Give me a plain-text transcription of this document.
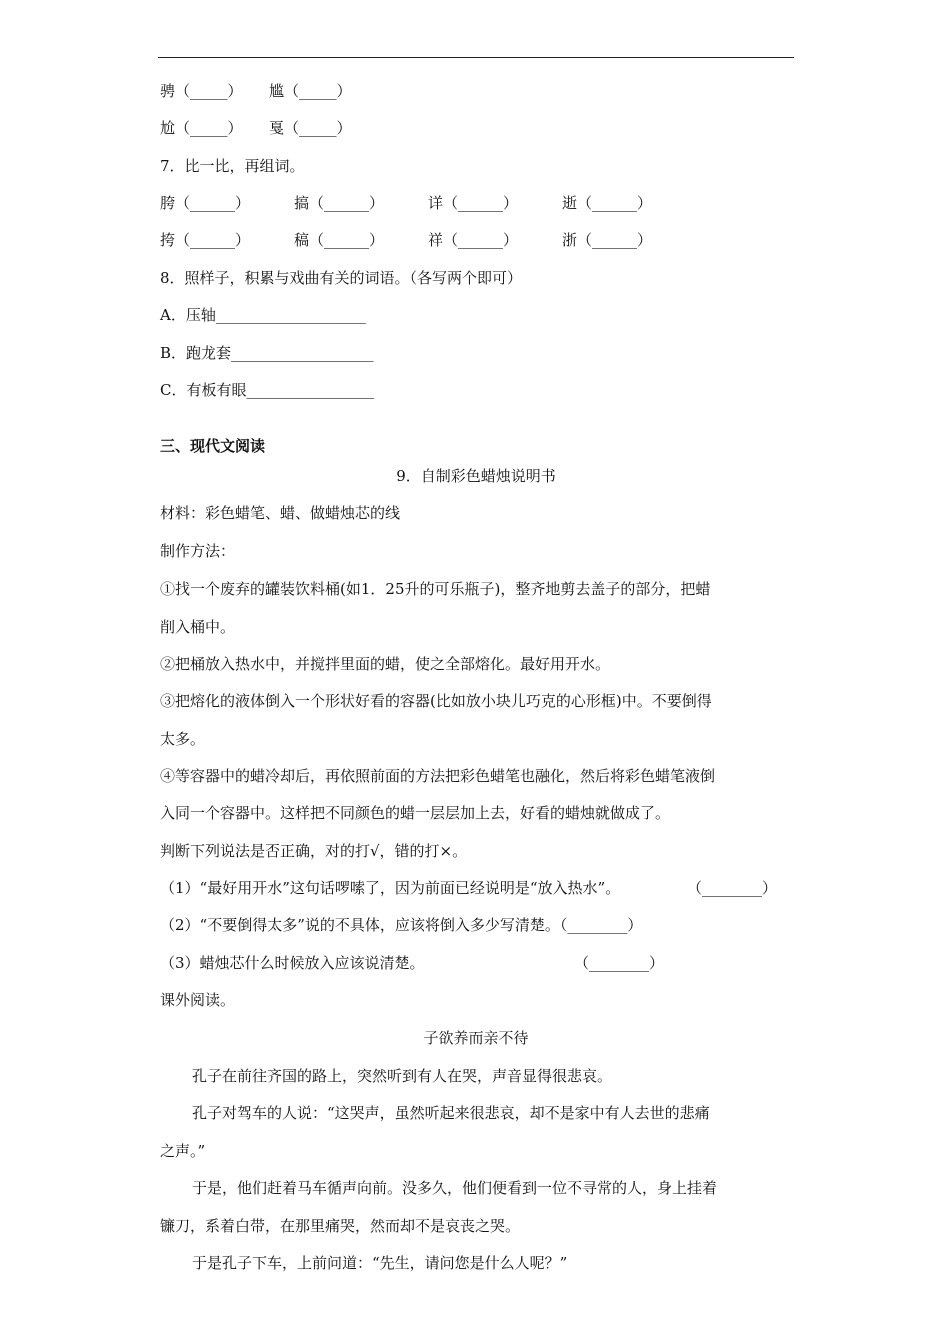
骋（_____） 尴（_____）
尬（_____） 戛（_____）
7．比一比，再组词。
胯（______）	搞（______）	详（______）	逝（______）
挎（______）	稿（______）	祥（______）	浙（______）
8．照样子，积累与戏曲有关的词语。（各写两个即可）
A．压轴____________________
B．跑龙套___________________
C．有板有眼_________________
三、现代文阅读
9．自制彩色蜡烛说明书
材料：彩色蜡笔、蜡、做蜡烛芯的线
制作方法：
①找一个废弃的罐装饮料桶(如1．25升的可乐瓶子)，整齐地剪去盖子的部分，把蜡
削入桶中。
②把桶放入热水中，并搅拌里面的蜡，使之全部熔化。最好用开水。
③把熔化的液体倒入一个形状好看的容器(比如放小块儿巧克的心形框)中。不要倒得
太多。
④等容器中的蜡冷却后，再依照前面的方法把彩色蜡笔也融化，然后将彩色蜡笔液倒
入同一个容器中。这样把不同颜色的蜡一层层加上去，好看的蜡烛就做成了。
判断下列说法是否正确，对的打√，错的打×。
（1）“最好用开水”这句话啰嗦了，因为前面已经说明是“放入热水”。	（________）
（2）“不要倒得太多”说的不具体，应该将倒入多少写清楚。（________）
（3）蜡烛芯什么时候放入应该说清楚。	（________）
课外阅读。
子欲养而亲不待
孔子在前往齐国的路上，突然听到有人在哭，声音显得很悲哀。
孔子对驾车的人说：“这哭声，虽然听起来很悲哀，却不是家中有人去世的悲痛
之声。”
于是，他们赶着马车循声向前。没多久，他们便看到一位不寻常的人，身上挂着
镰刀，系着白带，在那里痛哭，然而却不是哀丧之哭。
于是孔子下车，上前问道：“先生，请问您是什么人呢？”
